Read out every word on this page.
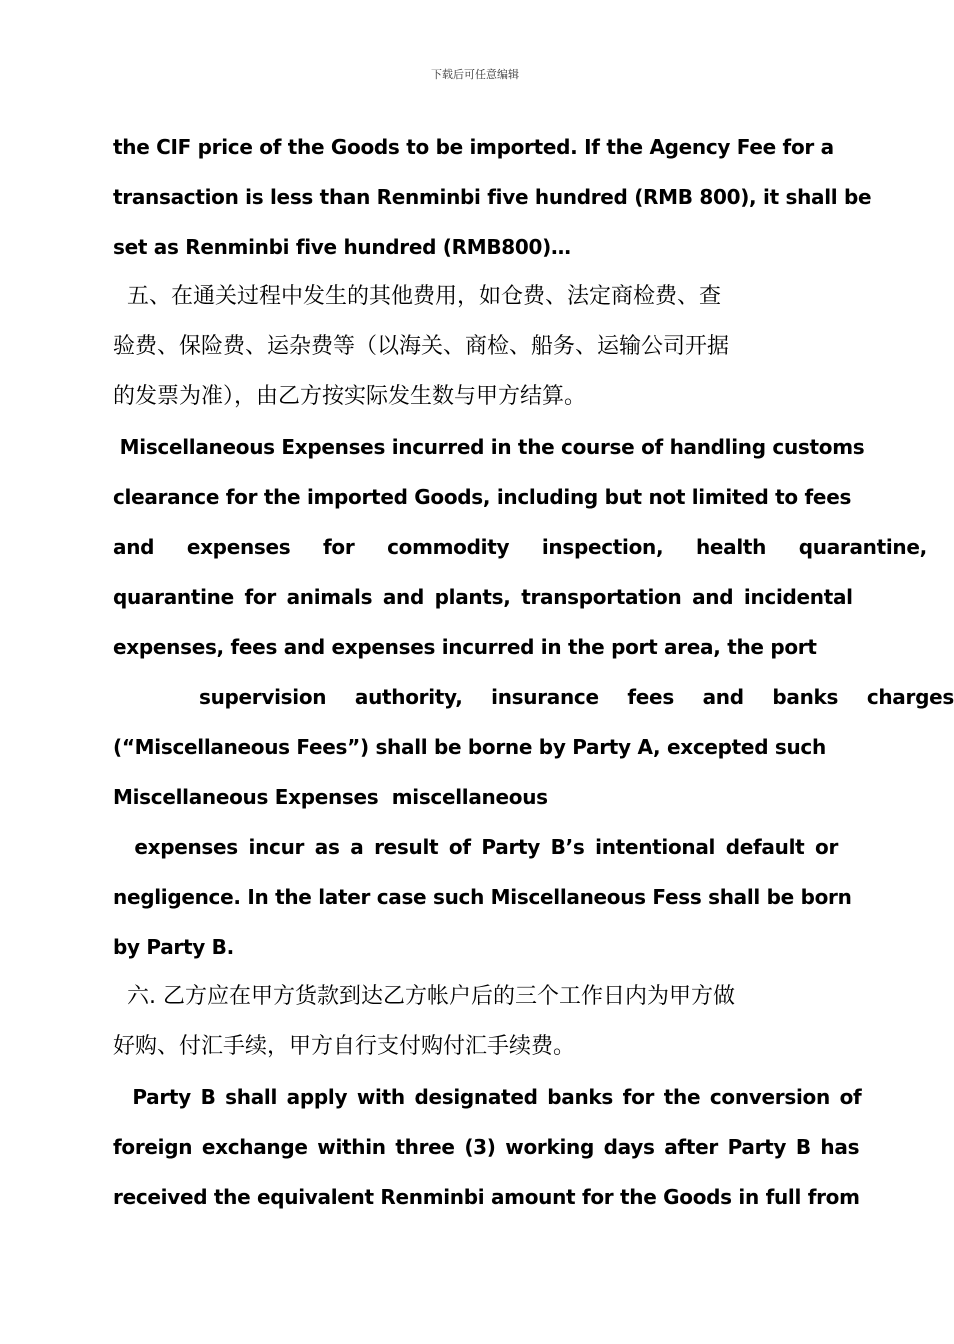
下载后可任意编辑
the CIF price of the Goods to be imported. If the Agency Fee for a
transaction is less than Renminbi five hundred (RMB 800), it shall be
set as Renminbi five hundred (RMB800)…
五、在通关过程中发生的其他费用，如仓费、法定商检费、查
验费、保险费、运杂费等（以海关、商检、船务、运输公司开据
的发票为准），由乙方按实际发生数与甲方结算。
Miscellaneous Expenses incurred in the course of handling customs
clearance for the imported Goods, including but not limited to fees
and expenses for commodity inspection, health quarantine,
quarantine for animals and plants, transportation and incidental
expenses, fees and expenses incurred in the port area, the port
supervision authority, insurance fees and banks charges
(“Miscellaneous Fees”) shall be borne by Party A, excepted such
Miscellaneous Expenses  miscellaneous
expenses incur as a result of Party B’s intentional default or
negligence. In the later case such Miscellaneous Fess shall be born
by Party B.
六. 乙方应在甲方货款到达乙方帐户后的三个工作日内为甲方做
好购、付汇手续，甲方自行支付购付汇手续费。
Party B shall apply with designated banks for the conversion of
foreign exchange within three (3) working days after Party B has
received the equivalent Renminbi amount for the Goods in full from
